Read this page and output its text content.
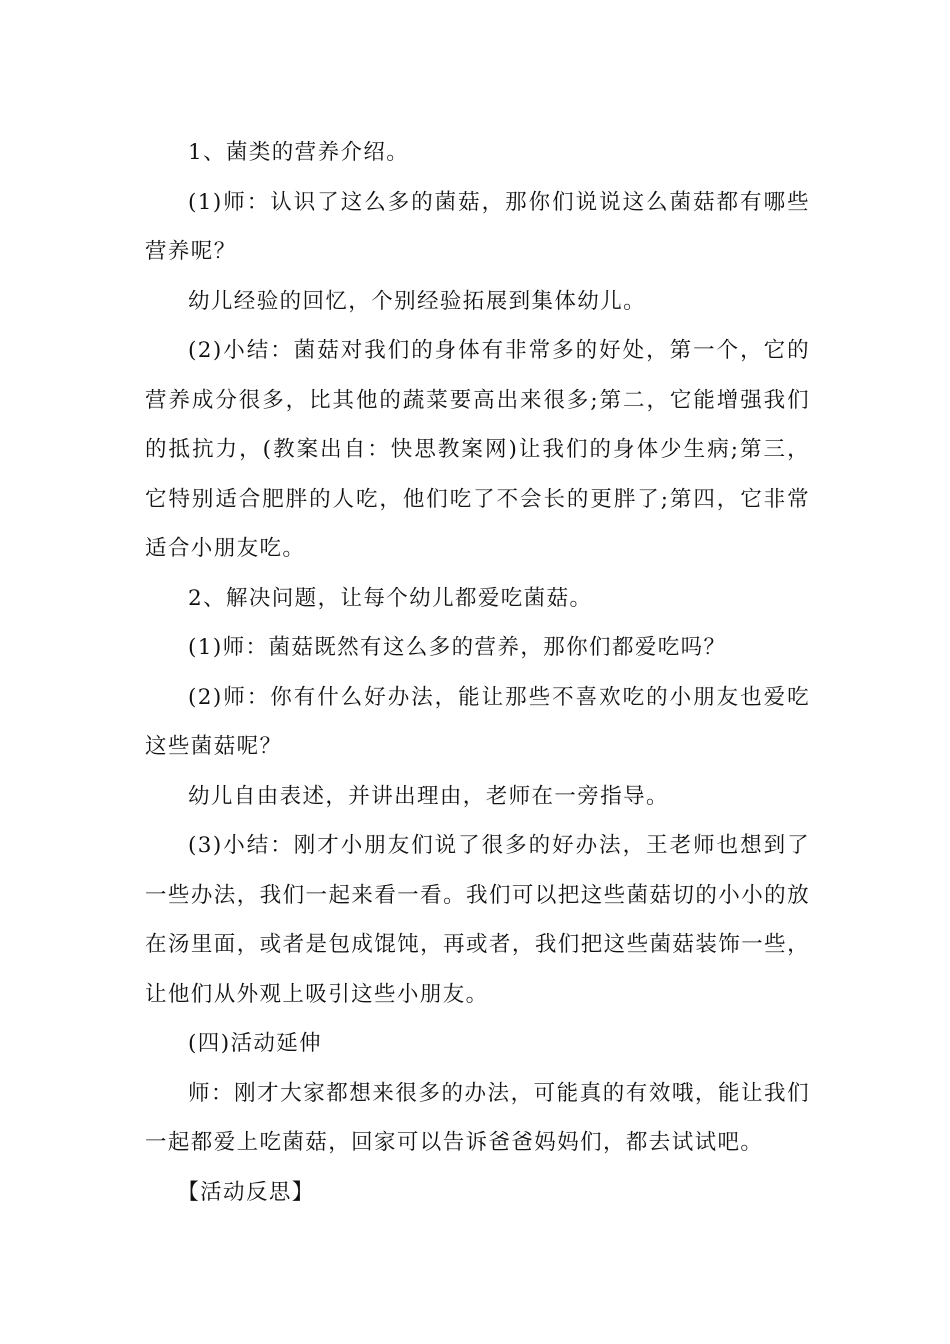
1、菌类的营养介绍。

(1)师：认识了这么多的菌菇，那你们说说这么菌菇都有哪些营养呢？

幼儿经验的回忆，个别经验拓展到集体幼儿。

(2)小结：菌菇对我们的身体有非常多的好处，第一个，它的营养成分很多，比其他的蔬菜要高出来很多;第二，它能增强我们的抵抗力，(教案出自：快思教案网)让我们的身体少生病;第三，它特别适合肥胖的人吃，他们吃了不会长的更胖了;第四，它非常适合小朋友吃。

2、解决问题，让每个幼儿都爱吃菌菇。

(1)师：菌菇既然有这么多的营养，那你们都爱吃吗？

(2)师：你有什么好办法，能让那些不喜欢吃的小朋友也爱吃这些菌菇呢？

幼儿自由表述，并讲出理由，老师在一旁指导。

(3)小结：刚才小朋友们说了很多的好办法，王老师也想到了一些办法，我们一起来看一看。我们可以把这些菌菇切的小小的放在汤里面，或者是包成馄饨，再或者，我们把这些菌菇装饰一些，让他们从外观上吸引这些小朋友。

(四)活动延伸

师：刚才大家都想来很多的办法，可能真的有效哦，能让我们一起都爱上吃菌菇，回家可以告诉爸爸妈妈们，都去试试吧。

【活动反思】
